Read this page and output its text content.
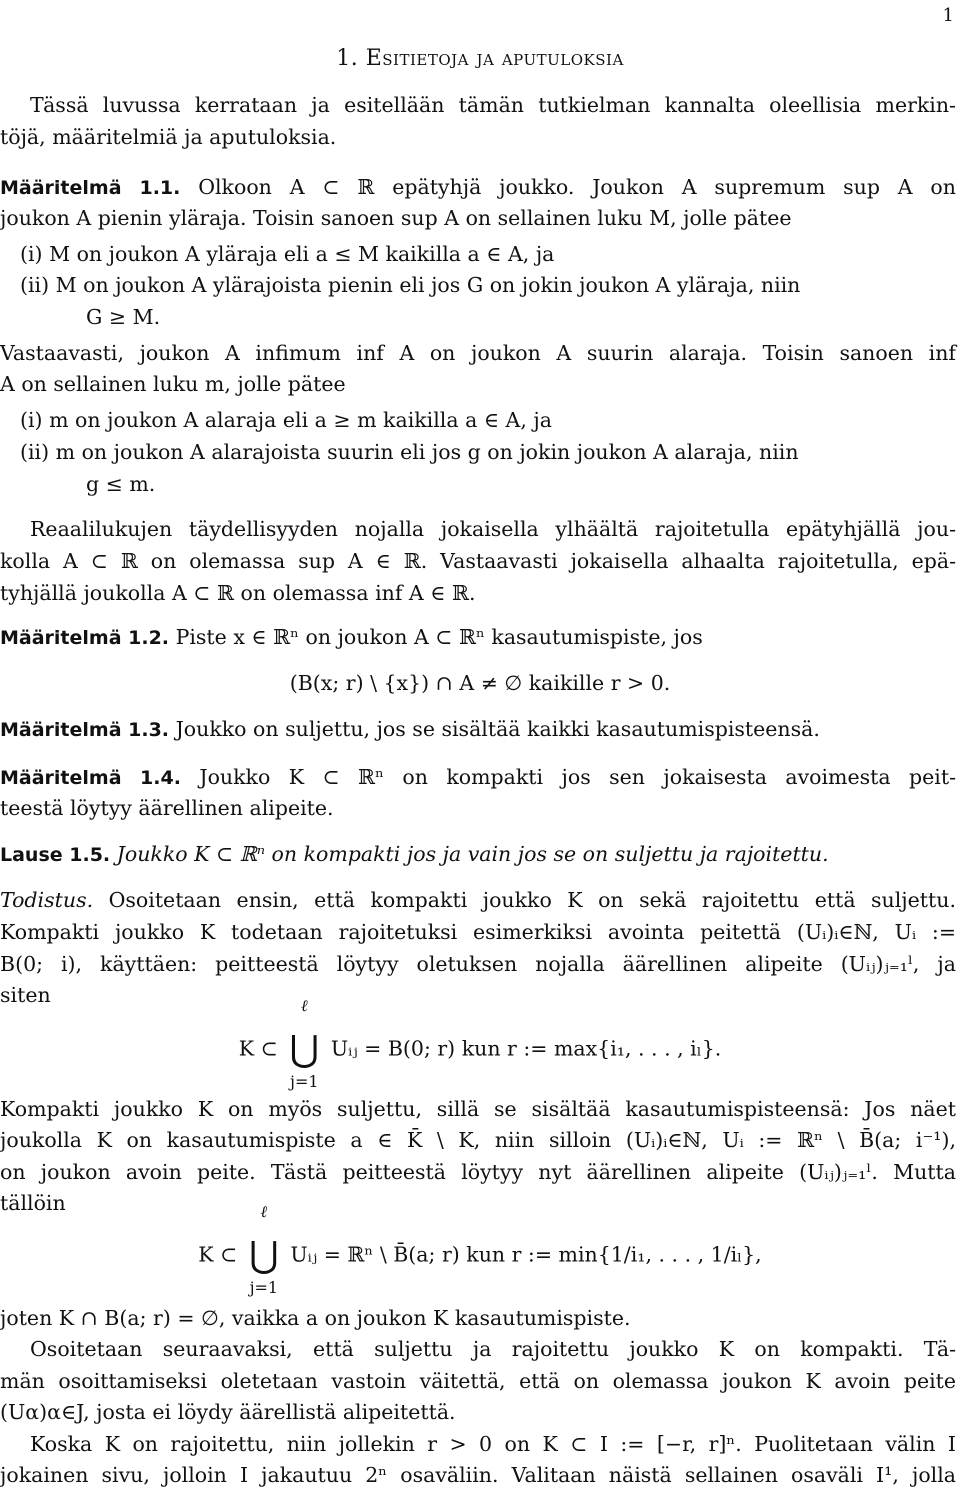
1
1. Esitietoja ja aputuloksia
Tässä luvussa kerrataan ja esitellään tämän tutkielman kannalta oleellisia merkin-
töjä, määritelmiä ja aputuloksia.
Määritelmä 1.1. Olkoon A ⊂ ℝ epätyhjä joukko. Joukon A supremum sup A on
joukon A pienin yläraja. Toisin sanoen sup A on sellainen luku M, jolle pätee
(i) M on joukon A yläraja eli a ≤ M kaikilla a ∈ A, ja
(ii) M on joukon A ylärajoista pienin eli jos G on jokin joukon A yläraja, niin
G ≥ M.
Vastaavasti, joukon A infimum inf A on joukon A suurin alaraja. Toisin sanoen inf
A on sellainen luku m, jolle pätee
(i) m on joukon A alaraja eli a ≥ m kaikilla a ∈ A, ja
(ii) m on joukon A alarajoista suurin eli jos g on jokin joukon A alaraja, niin
g ≤ m.
Reaalilukujen täydellisyyden nojalla jokaisella ylhäältä rajoitetulla epätyhjällä jou-
kolla A ⊂ ℝ on olemassa sup A ∈ ℝ. Vastaavasti jokaisella alhaalta rajoitetulla, epä-
tyhjällä joukolla A ⊂ ℝ on olemassa inf A ∈ ℝ.
Määritelmä 1.2. Piste x ∈ ℝⁿ on joukon A ⊂ ℝⁿ kasautumispiste, jos
(B(x; r) \ {x}) ∩ A ≠ ∅ kaikille r > 0.
Määritelmä 1.3. Joukko on suljettu, jos se sisältää kaikki kasautumispisteensä.
Määritelmä 1.4. Joukko K ⊂ ℝⁿ on kompakti jos sen jokaisesta avoimesta peit-
teestä löytyy äärellinen alipeite.
Lause 1.5. Joukko K ⊂ ℝⁿ on kompakti jos ja vain jos se on suljettu ja rajoitettu.
Todistus. Osoitetaan ensin, että kompakti joukko K on sekä rajoitettu että suljettu.
Kompakti joukko K todetaan rajoitetuksi esimerkiksi avointa peitettä (Uᵢ)ᵢ∈ℕ, Uᵢ :=
B(0; i), käyttäen: peitteestä löytyy oletuksen nojalla äärellinen alipeite (Uᵢⱼ)ⱼ₌₁ˡ, ja
siten
K ⊂
ℓ
⋃
j=1
Uᵢⱼ = B(0; r) kun r := max{i₁, . . . , iₗ}.
Kompakti joukko K on myös suljettu, sillä se sisältää kasautumispisteensä: Jos näet
joukolla K on kasautumispiste a ∈ K̄ \ K, niin silloin (Uᵢ)ᵢ∈ℕ, Uᵢ := ℝⁿ \ B̄(a; i⁻¹),
on joukon avoin peite. Tästä peitteestä löytyy nyt äärellinen alipeite (Uᵢⱼ)ⱼ₌₁ˡ. Mutta
tällöin
K ⊂
ℓ
⋃
j=1
Uᵢⱼ = ℝⁿ \ B̄(a; r) kun r := min{1/i₁, . . . , 1/iₗ},
joten K ∩ B(a; r) = ∅, vaikka a on joukon K kasautumispiste.
Osoitetaan seuraavaksi, että suljettu ja rajoitettu joukko K on kompakti. Tä-
män osoittamiseksi oletetaan vastoin väitettä, että on olemassa joukon K avoin peite
(Uα)α∈J, josta ei löydy äärellistä alipeitettä.
Koska K on rajoitettu, niin jollekin r > 0 on K ⊂ I := [−r, r]ⁿ. Puolitetaan välin I
jokainen sivu, jolloin I jakautuu 2ⁿ osaväliin. Valitaan näistä sellainen osaväli I¹, jolla
